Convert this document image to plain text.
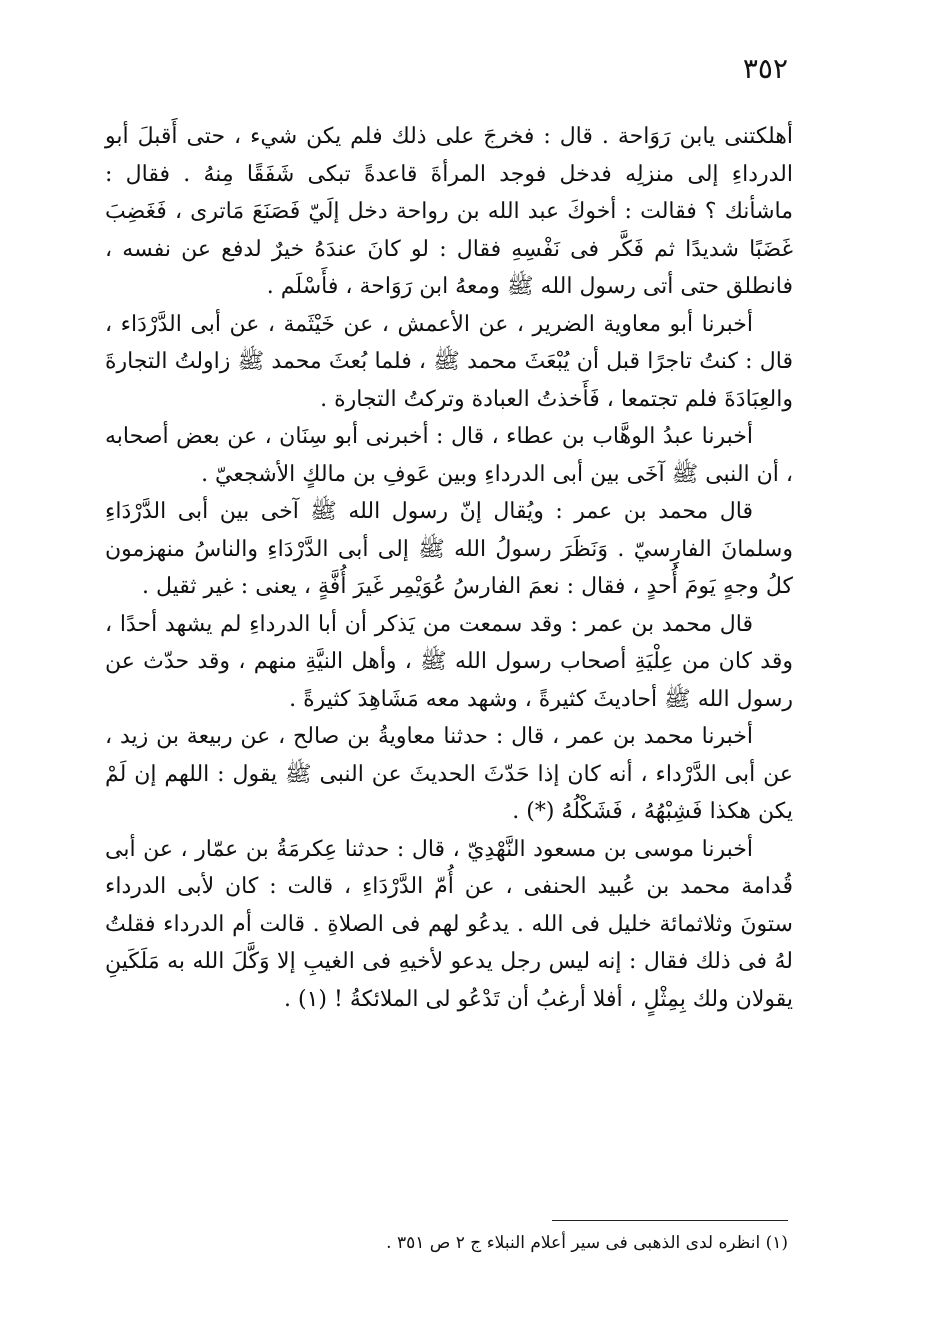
٣٥٢

أهلكتنى يابن رَوَاحة . قال : فخرجَ على ذلك فلم يكن شيء ، حتى أَقبلَ أبو الدرداءِ إلى منزلِه فدخل فوجد المرأةَ قاعدةً تبكى شَفَقًا مِنهُ . فقال : ماشأنك ؟ فقالت : أخوكَ عبد الله بن رواحة دخل إلَيّ فَصَنَعَ مَاترى ، فَغَضِبَ غَضَبًا شديدًا ثم فَكَّر فى نَفْسِهِ فقال : لو كانَ عندَهُ خيرٌ لدفع عن نفسه ، فانطلق حتى أتى رسول الله ﷺ ومعهُ ابن رَوَاحة ، فأَسْلَم .

أخبرنا أبو معاوية الضرير ، عن الأعمش ، عن خَيْثَمة ، عن أبى الدَّرْدَاء ، قال : كنتُ تاجرًا قبل أن يُبْعَثَ محمد ﷺ ، فلما بُعثَ محمد ﷺ زاولتُ التجارةَ والعِبَادَةَ فلم تجتمعا ، فَأَخذتُ العبادة وتركتُ التجارة .

أخبرنا عبدُ الوهَّاب بن عطاء ، قال : أخبرنى أبو سِنَان ، عن بعض أصحابه ، أن النبى ﷺ آخَى بين أبى الدرداءِ وبين عَوفِ بن مالكٍ الأشجعيّ .

قال محمد بن عمر : ويُقال إنّ رسول الله ﷺ آخى بين أبى الدَّرْدَاءِ وسلمانَ الفارِسيّ . وَنَظَرَ رسولُ الله ﷺ إلى أبى الدَّرْدَاءِ والناسُ منهزمون كلُ وجهٍ يَومَ أُحدٍ ، فقال : نعمَ الفارسُ عُوَيْمِر غَيرَ أُفَّةٍ ، يعنى : غير ثقيل .

قال محمد بن عمر : وقد سمعت من يَذكر أن أبا الدرداءِ لم يشهد أحدًا ، وقد كان من عِلْيَةِ أصحاب رسول الله ﷺ ، وأهل النيَّةِ منهم ، وقد حدّث عن رسول الله ﷺ أحاديثَ كثيرةً ، وشهد معه مَشَاهِدَ كثيرةً .

أخبرنا محمد بن عمر ، قال : حدثنا معاويةُ بن صالح ، عن ربيعة بن زيد ، عن أبى الدَّرْداء ، أنه كان إذا حَدّثَ الحديثَ عن النبى ﷺ يقول : اللهم إن لَمْ يكن هكذا فَشِبْهُهُ ، فَشَكْلُهُ (*) .

أخبرنا موسى بن مسعود النَّهْدِيّ ، قال : حدثنا عِكرمَةُ بن عمّار ، عن أبى قُدامة محمد بن عُبيد الحنفى ، عن أُمّ الدَّرْدَاءِ ، قالت : كان لأبى الدرداء ستونَ وثلاثمائة خليل فى الله . يدعُو لهم فى الصلاةِ . قالت أم الدرداء فقلتُ لهُ فى ذلك فقال : إنه ليس رجل يدعو لأخيهِ فى الغيبِ إلا وَكَّلَ الله به مَلَكَينِ يقولان ولك بِمِثْلٍ ، أفلا أرغبُ أن تَدْعُو لى الملائكةُ ! (١) .

(١) انظره لدى الذهبى فى سير أعلام النبلاء ج ٢ ص ٣٥١ .
